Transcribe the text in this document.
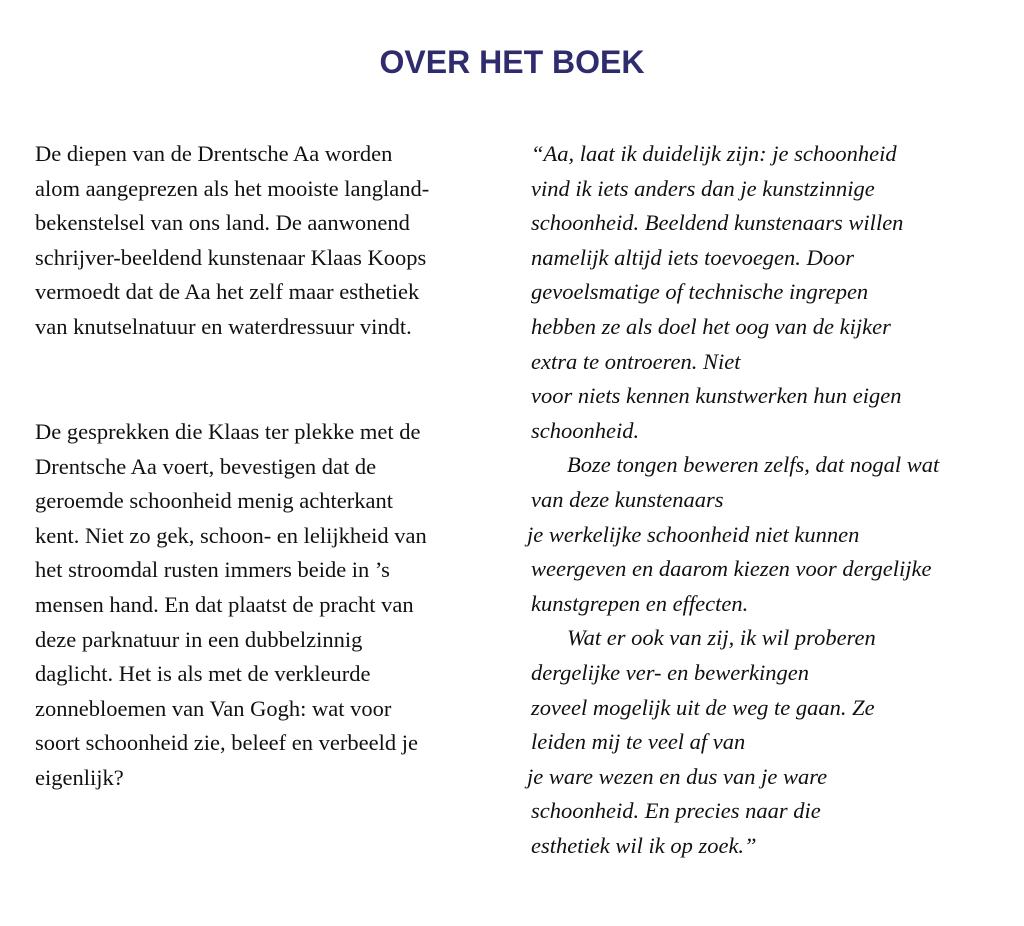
OVER HET BOEK
De diepen van de Drentsche Aa worden
alom aangeprezen als het mooiste langland-
bekenstelsel van ons land. De aanwonend
schrijver-beeldend kunstenaar Klaas Koops
vermoedt dat de Aa het zelf maar esthetiek
van knutselnatuur en waterdressuur vindt.
De gesprekken die Klaas ter plekke met de
Drentsche Aa voert, bevestigen dat de
geroemde schoonheid menig achterkant
kent. Niet zo gek, schoon- en lelijkheid van
het stroomdal rusten immers beide in ’s
mensen hand. En dat plaatst de pracht van
deze parknatuur in een dubbelzinnig
daglicht. Het is als met de verkleurde
zonnebloemen van Van Gogh: wat voor
soort schoonheid zie, beleef en verbeeld je
eigenlijk?
“Aa, laat ik duidelijk zijn: je schoonheid
vind ik iets anders dan je kunstzinnige
schoonheid. Beeldend kunstenaars willen
namelijk altijd iets toevoegen. Door
gevoelsmatige of technische ingrepen
hebben ze als doel het oog van de kijker
extra te ontroeren. Niet
voor niets kennen kunstwerken hun eigen
schoonheid.
Boze tongen beweren zelfs, dat nogal wat
van deze kunstenaars
je werkelijke schoonheid niet kunnen
weergeven en daarom kiezen voor dergelijke
kunstgrepen en effecten.
Wat er ook van zij, ik wil proberen
dergelijke ver- en bewerkingen
zoveel mogelijk uit de weg te gaan. Ze
leiden mij te veel af van
je ware wezen en dus van je ware
schoonheid. En precies naar die
esthetiek wil ik op zoek.”
